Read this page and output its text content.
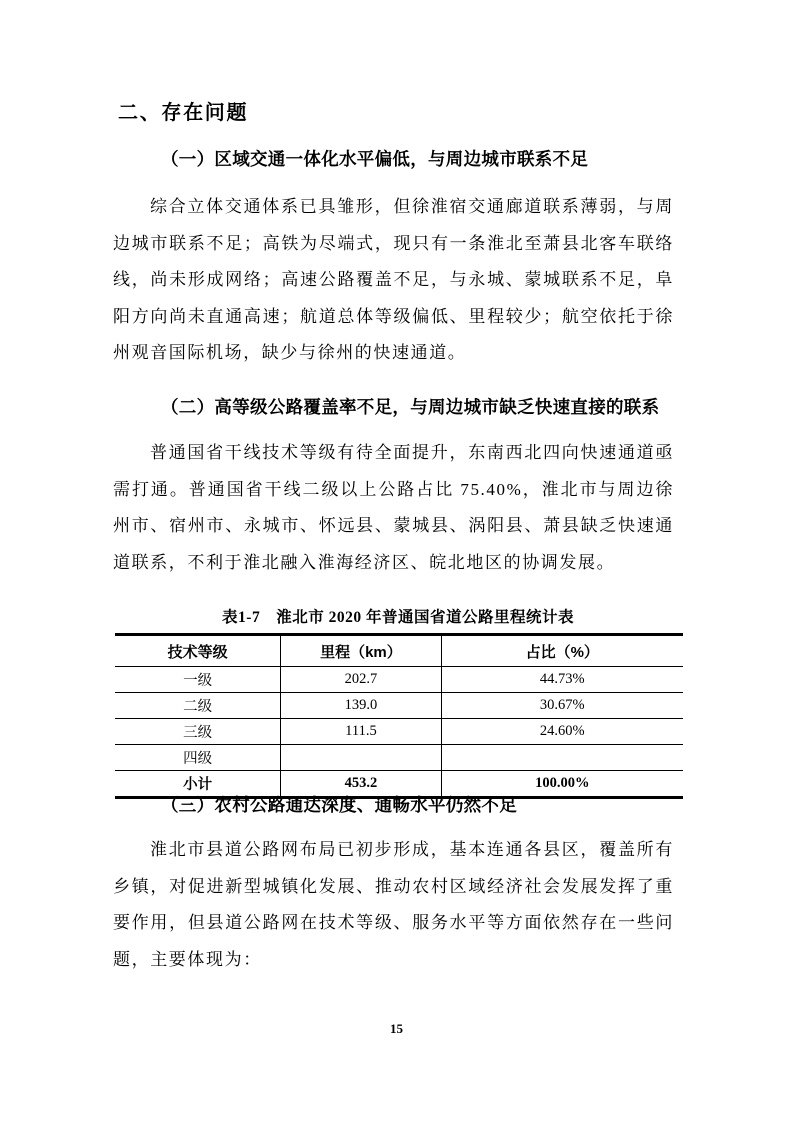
二、存在问题
（一）区域交通一体化水平偏低，与周边城市联系不足

综合立体交通体系已具雏形，但徐淮宿交通廊道联系薄弱，与周边城市联系不足；高铁为尽端式，现只有一条淮北至萧县北客车联络线，尚未形成网络；高速公路覆盖不足，与永城、蒙城联系不足，阜阳方向尚未直通高速；航道总体等级偏低、里程较少；航空依托于徐州观音国际机场，缺少与徐州的快速通道。

（二）高等级公路覆盖率不足，与周边城市缺乏快速直接的联系

普通国省干线技术等级有待全面提升，东南西北四向快速通道亟需打通。普通国省干线二级以上公路占比 75.40%，淮北市与周边徐州市、宿州市、永城市、怀远县、蒙城县、涡阳县、萧县缺乏快速通道联系，不利于淮北融入淮海经济区、皖北地区的协调发展。

表1-7　淮北市 2020 年普通国省道公路里程统计表
技术等级	里程（km）	占比（%）
一级	202.7	44.73%
二级	139.0	30.67%
三级	111.5	24.60%
四级		
小计	453.2	100.00%
（三）农村公路通达深度、通畅水平仍然不足

淮北市县道公路网布局已初步形成，基本连通各县区，覆盖所有乡镇，对促进新型城镇化发展、推动农村区域经济社会发展发挥了重要作用，但县道公路网在技术等级、服务水平等方面依然存在一些问题，主要体现为：

15
